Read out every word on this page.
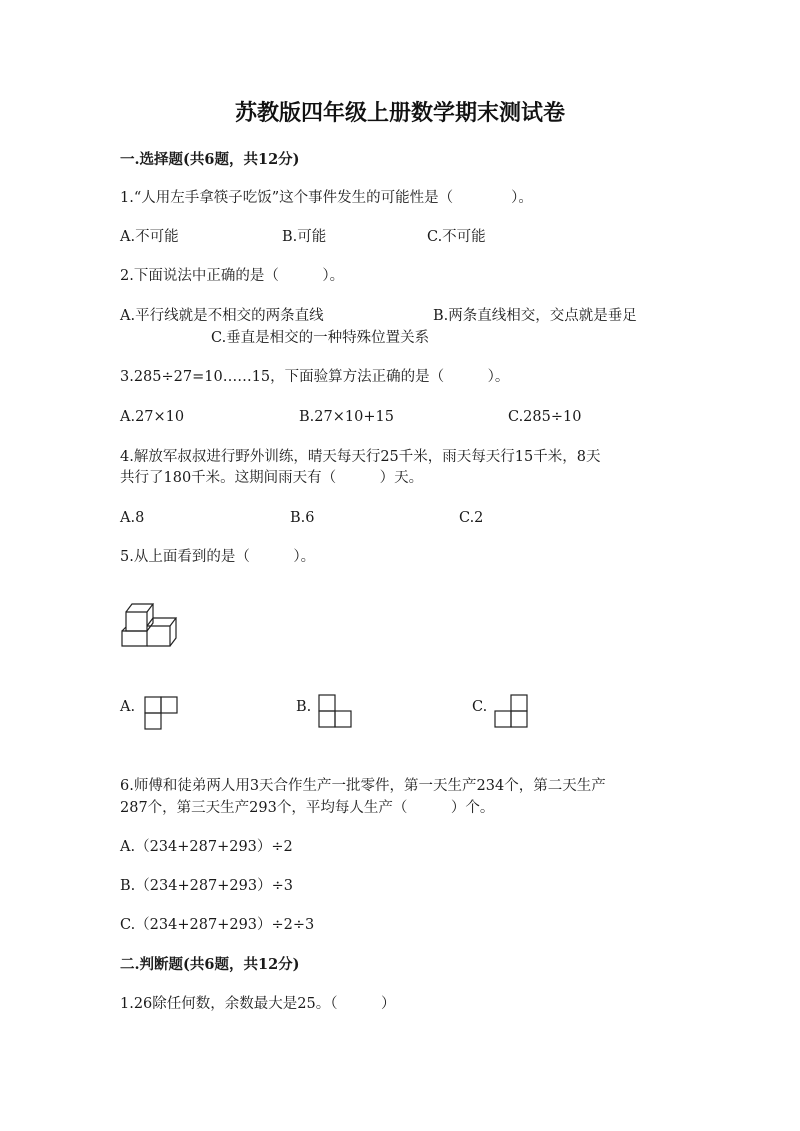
苏教版四年级上册数学期末测试卷
一.选择题(共6题，共12分)
1.“人用左手拿筷子吃饭”这个事件发生的可能性是（　　　　）。
A.不可能	B.可能	C.不可能
2.下面说法中正确的是（　　　）。
A.平行线就是不相交的两条直线	B.两条直线相交，交点就是垂足
C.垂直是相交的一种特殊位置关系
3.285÷27=10……15，下面验算方法正确的是（　　　）。
A.27×10	B.27×10+15	C.285÷10
4.解放军叔叔进行野外训练，晴天每天行25千米，雨天每天行15千米，8天
共行了180千米。这期间雨天有（　　　）天。
A.8	B.6	C.2
5.从上面看到的是（　　　）。
A.	B.	C.
6.师傅和徒弟两人用3天合作生产一批零件，第一天生产234个，第二天生产
287个，第三天生产293个，平均每人生产（　　　）个。
A.（234+287+293）÷2
B.（234+287+293）÷3
C.（234+287+293）÷2÷3
二.判断题(共6题，共12分)
1.26除任何数，余数最大是25。（　　　）
